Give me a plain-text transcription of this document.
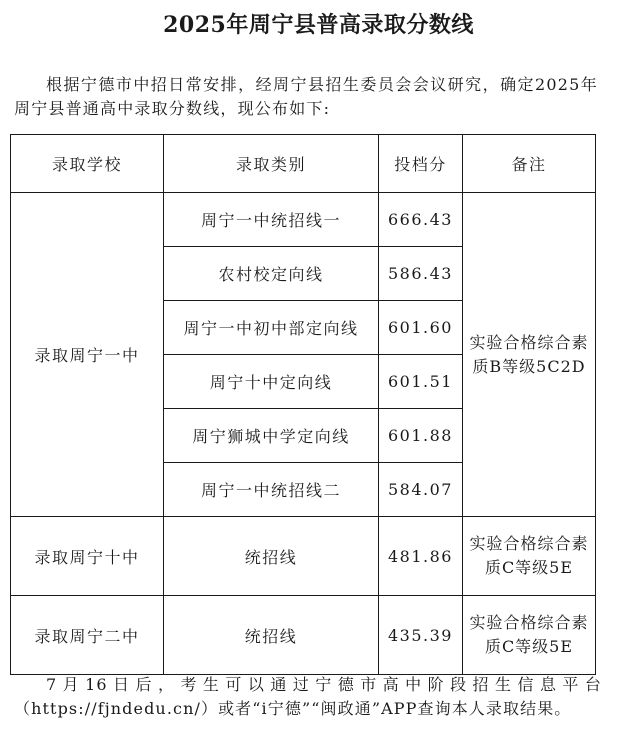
2025年周宁县普高录取分数线

根据宁德市中招日常安排，经周宁县招生委员会会议研究，确定2025年周宁县普通高中录取分数线，现公布如下:

录取学校	录取类别	投档分	备注
录取周宁一中	周宁一中统招线一	666.43	实验合格综合素质B等级5C2D
	农村校定向线	586.43	
	周宁一中初中部定向线	601.60	
	周宁十中定向线	601.51	
	周宁狮城中学定向线	601.88	
	周宁一中统招线二	584.07	
录取周宁十中	统招线	481.86	实验合格综合素质C等级5E
录取周宁二中	统招线	435.39	实验合格综合素质C等级5E

7月16日后，考生可以通过宁德市高中阶段招生信息平台（https://fjndedu.cn/）或者“i宁德”“闽政通”APP查询本人录取结果。
